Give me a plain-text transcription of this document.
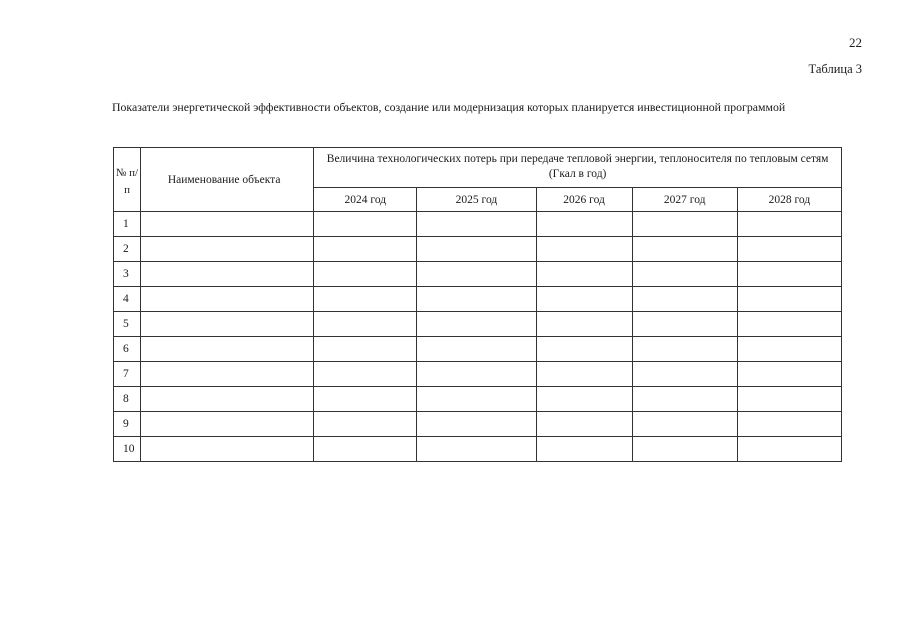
22
Таблица 3
Показатели энергетической эффективности объектов, создание или модернизация которых планируется инвестиционной программой
№ п/п	Наименование объекта	Величина технологических потерь при передаче тепловой энергии, теплоносителя по тепловым сетям (Гкал в год)				
		2024 год	2025 год	2026 год	2027 год	2028 год
1						
2						
3						
4						
5						
6						
7						
8						
9						
10						
